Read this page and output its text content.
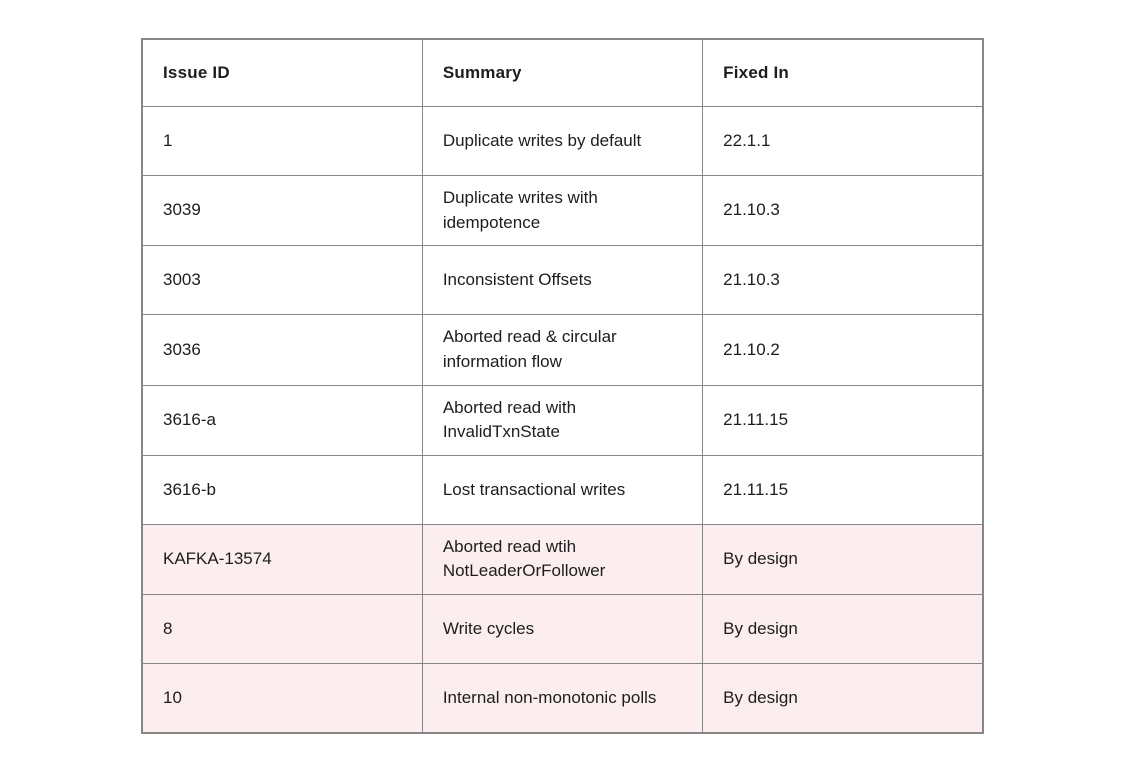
Issue ID	Summary	Fixed In
1	Duplicate writes by default	22.1.1
3039	Duplicate writes with idempotence	21.10.3
3003	Inconsistent Offsets	21.10.3
3036	Aborted read & circular information flow	21.10.2
3616-a	Aborted read with InvalidTxnState	21.11.15
3616-b	Lost transactional writes	21.11.15
KAFKA-13574	Aborted read wtih NotLeaderOrFollower	By design
8	Write cycles	By design
10	Internal non-monotonic polls	By design
